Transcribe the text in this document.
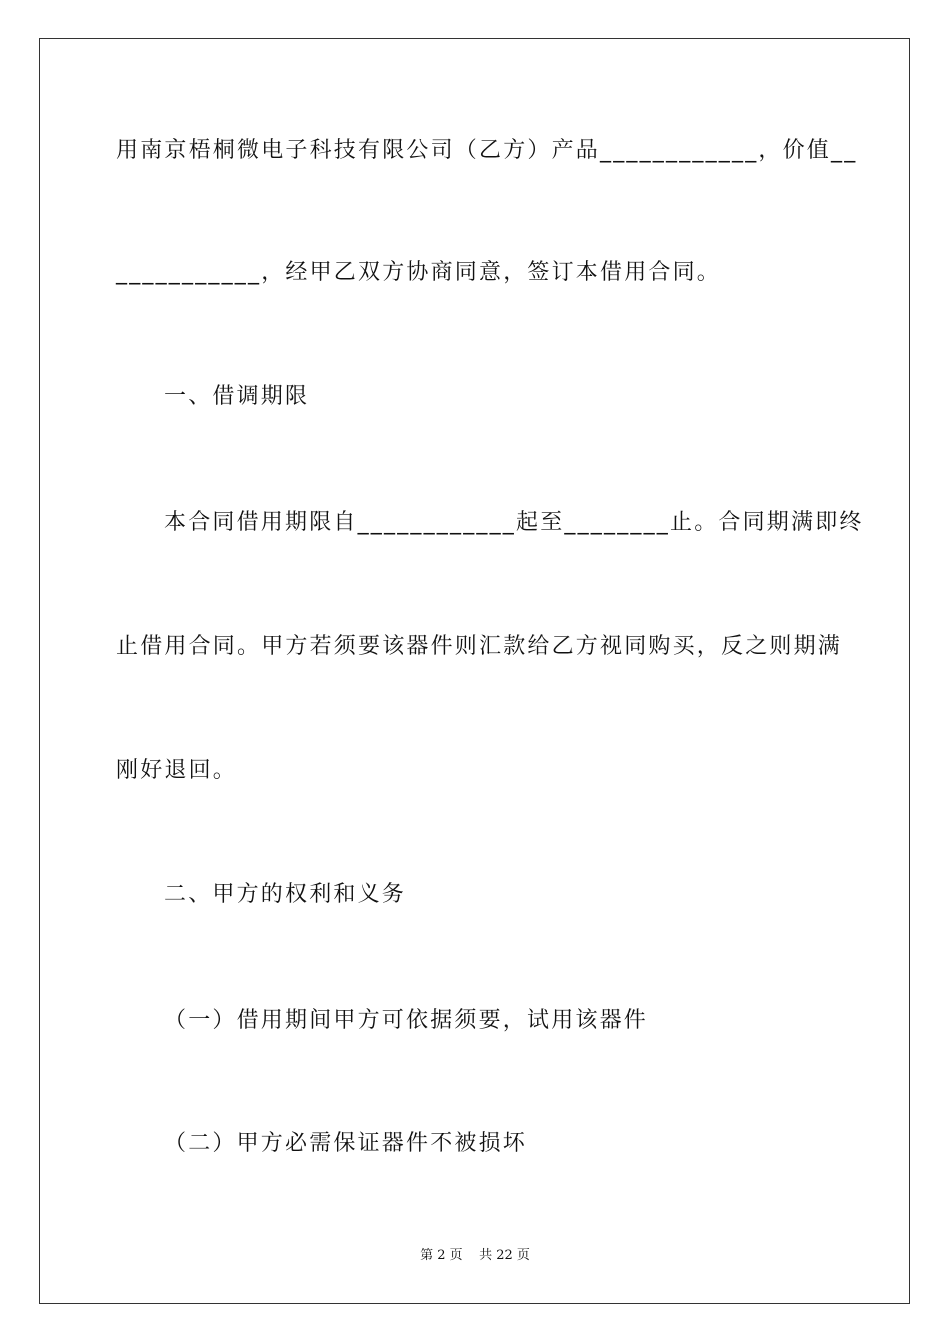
用南京梧桐微电子科技有限公司（乙方）产品____________，价值__
___________，经甲乙双方协商同意，签订本借用合同。
一、借调期限
本合同借用期限自____________起至________止。合同期满即终
止借用合同。甲方若须要该器件则汇款给乙方视同购买，反之则期满
刚好退回。
二、甲方的权利和义务
（一）借用期间甲方可依据须要，试用该器件
（二）甲方必需保证器件不被损坏
第 2 页    共 22 页
